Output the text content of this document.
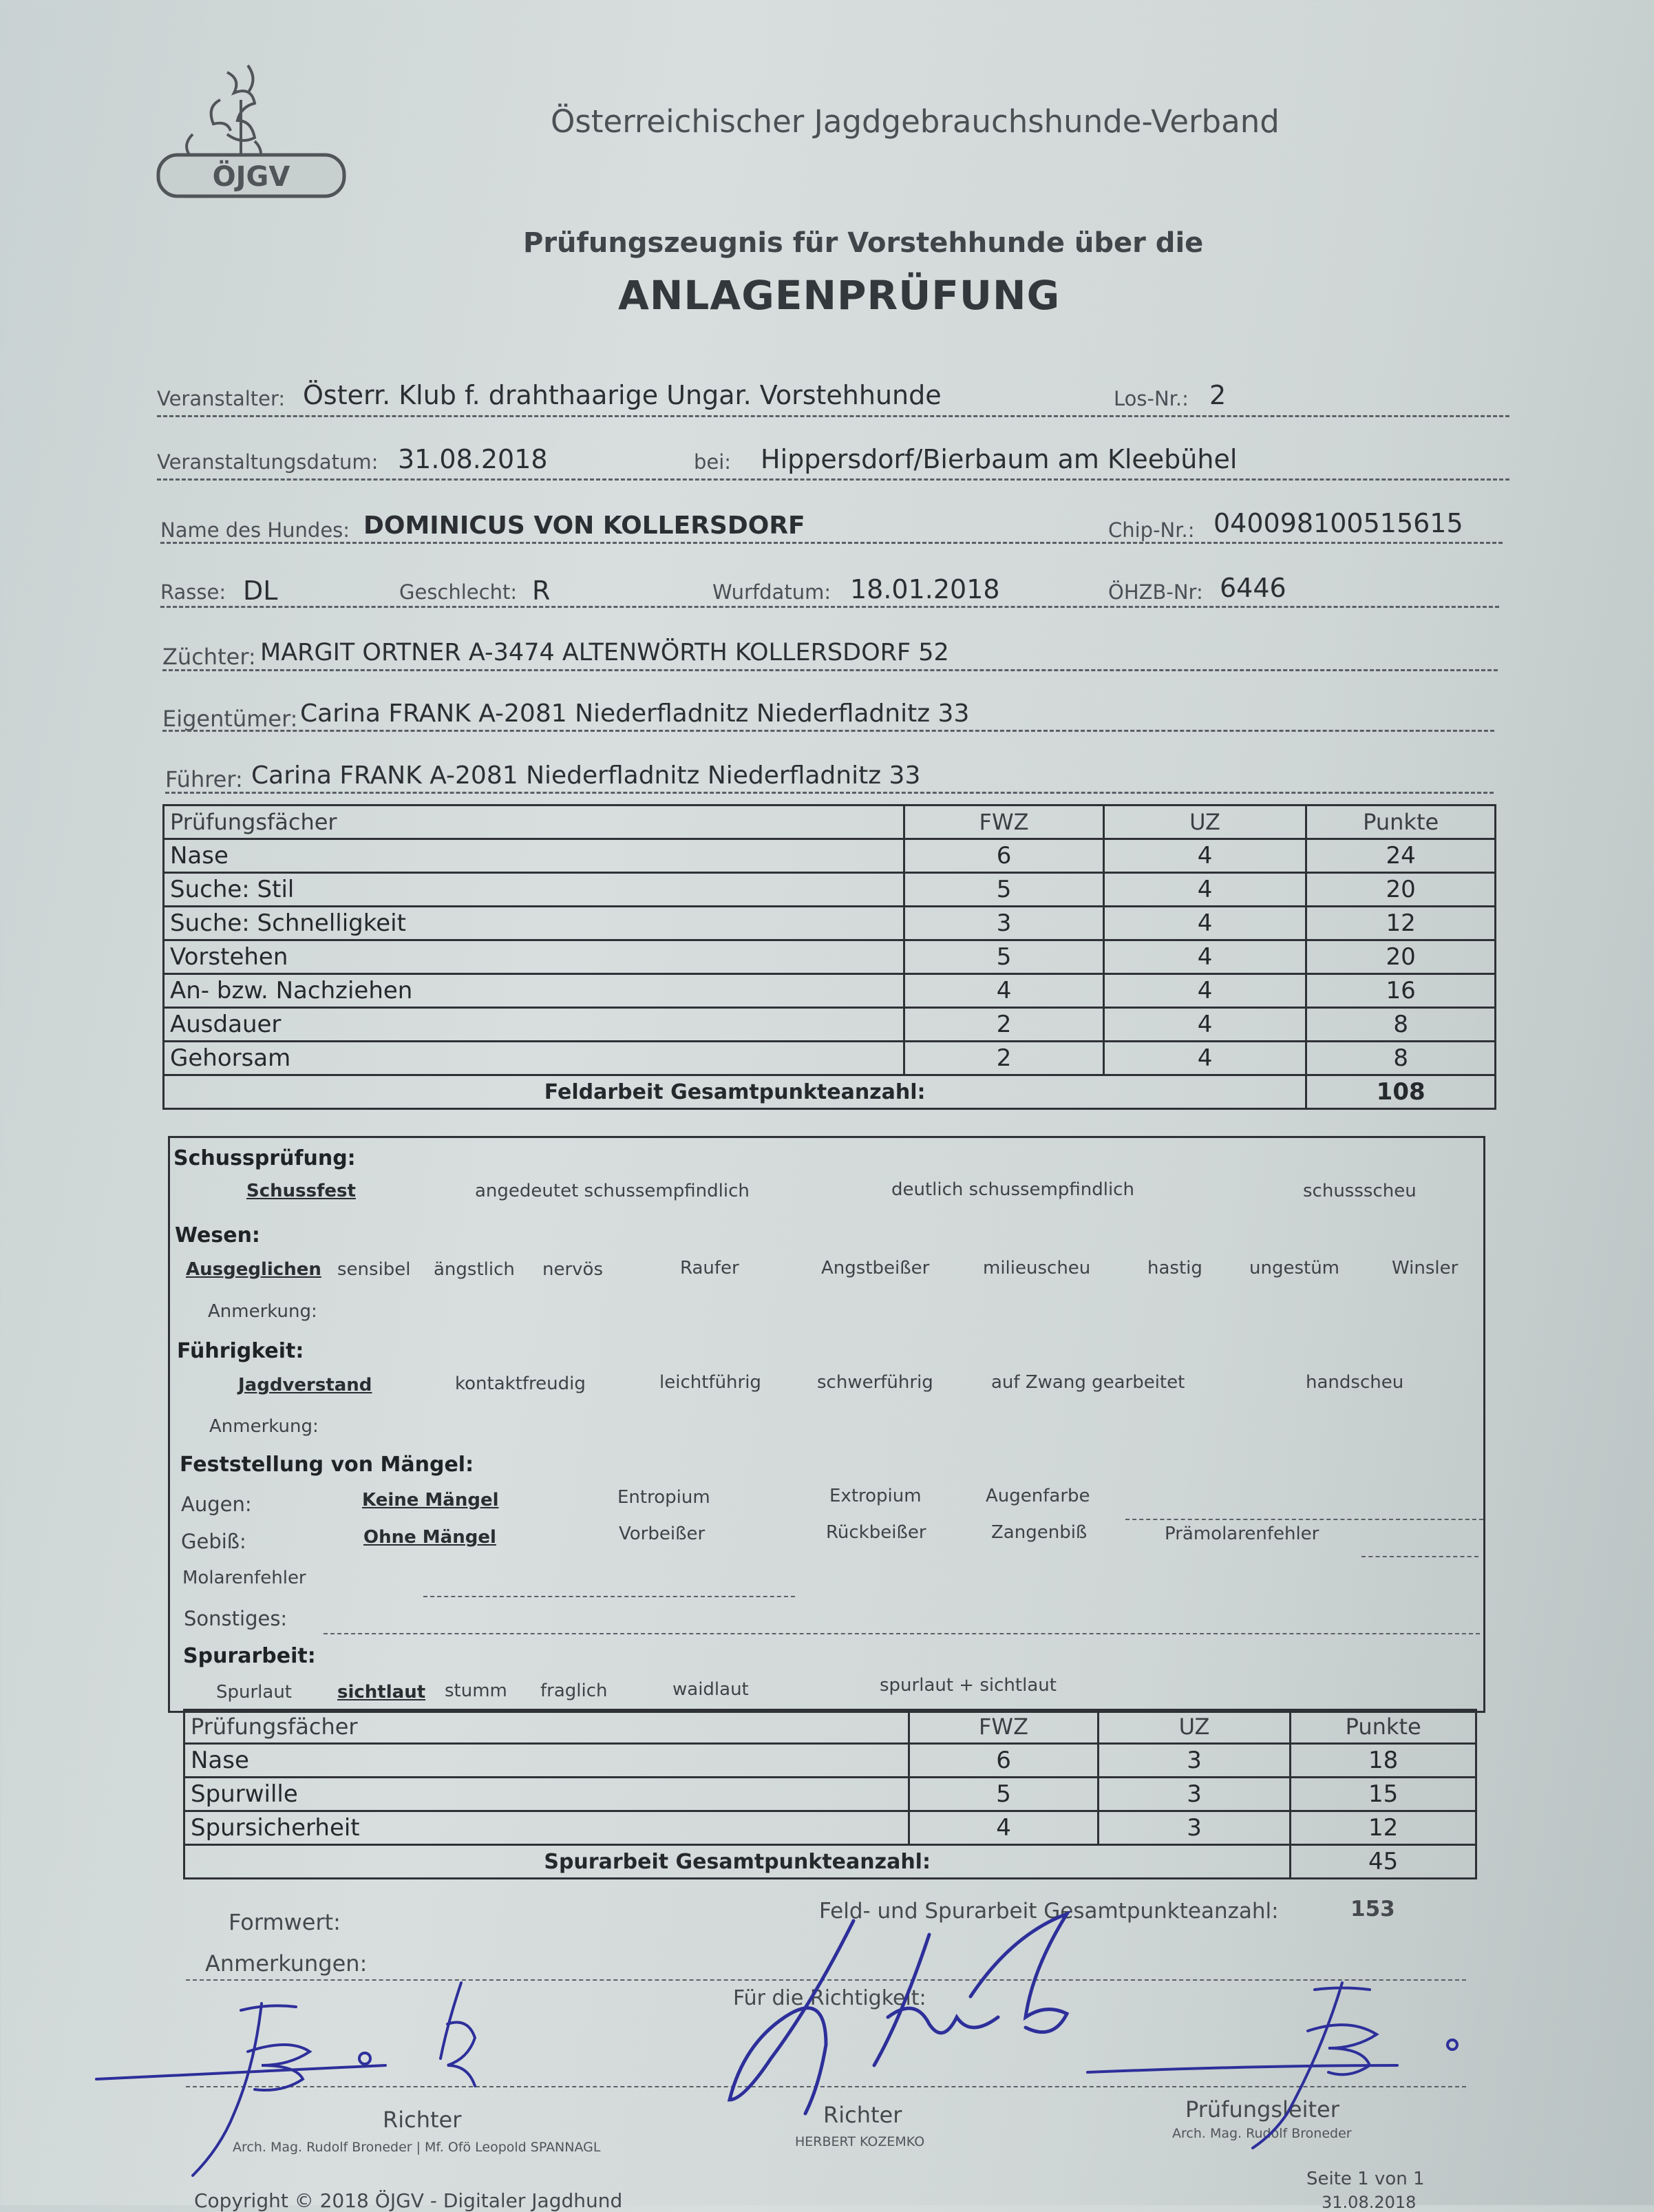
ÖJGV
Österreichischer Jagdgebrauchshunde-Verband
Prüfungszeugnis für Vorstehhunde über die
ANLAGENPRÜFUNG
Veranstalter: Österr. Klub f. drahthaarige Ungar. Vorstehhunde	Los-Nr.: 2
Veranstaltungsdatum: 31.08.2018	bei: Hippersdorf/Bierbaum am Kleebühel
Name des Hundes: DOMINICUS VON KOLLERSDORF	Chip-Nr.: 040098100515615
Rasse: DL	Geschlecht: R	Wurfdatum: 18.01.2018	ÖHZB-Nr: 6446
Züchter: MARGIT ORTNER A-3474 ALTENWÖRTH KOLLERSDORF 52
Eigentümer: Carina FRANK A-2081 Niederfladnitz Niederfladnitz 33
Führer: Carina FRANK A-2081 Niederfladnitz Niederfladnitz 33
Prüfungsfächer	FWZ	UZ	Punkte
Nase	6	4	24
Suche: Stil	5	4	20
Suche: Schnelligkeit	3	4	12
Vorstehen	5	4	20
An- bzw. Nachziehen	4	4	16
Ausdauer	2	4	8
Gehorsam	2	4	8
Feldarbeit Gesamtpunkteanzahl:			108
Schussprüfung:
Schussfest	angedeutet schussempfindlich	deutlich schussempfindlich	schussscheu
Wesen:
Ausgeglichen sensibel ängstlich nervös	Raufer	Angstbeißer	milieuscheu	hastig	ungestüm	Winsler
Anmerkung:
Führigkeit:
Jagdverstand	kontaktfreudig	leichtführig	schwerführig	auf Zwang gearbeitet	handscheu
Anmerkung:
Feststellung von Mängel:
Augen:	Keine Mängel	Entropium	Extropium	Augenfarbe
Gebiß:	Ohne Mängel	Vorbeißer	Rückbeißer	Zangenbiß	Prämolarenfehler
Molarenfehler
Sonstiges:
Spurarbeit:
Spurlaut	sichtlaut stumm fraglich	waidlaut	spurlaut + sichtlaut
Prüfungsfächer	FWZ	UZ	Punkte
Nase	6	3	18
Spurwille	5	3	15
Spursicherheit	4	3	12
Spurarbeit Gesamtpunkteanzahl:			45
Formwert:	Feld- und Spurarbeit Gesamtpunkteanzahl:	153
Anmerkungen:
Für die Richtigkeit:
Richter
Arch. Mag. Rudolf Broneder | Mf. Ofö Leopold SPANNAGL
Richter
HERBERT KOZEMKO
Prüfungsleiter
Arch. Mag. Rudolf Broneder
Copyright © 2018 ÖJGV - Digitaler Jagdhund
Seite 1 von 1
31.08.2018
